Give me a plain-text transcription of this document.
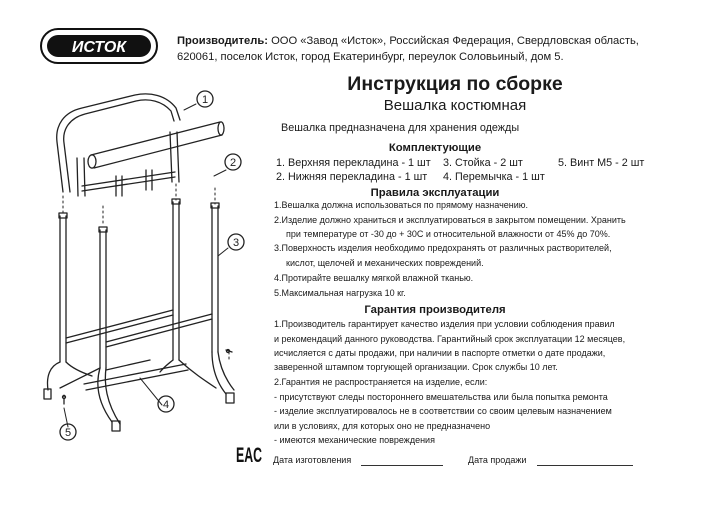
ИСТОК	Производитель: ООО «Завод «Исток», Российская Федерация, Свердловская область,
620061, поселок Исток, город Екатеринбург, переулок Соловьиный, дом 5.
Инструкция по сборке
Вешалка костюмная
Вешалка предназначена для хранения одежды
Комплектующие
1. Верхняя перекладина - 1 шт 3. Стойка - 2 шт	5. Винт М5 - 2 шт
2. Нижняя перекладина - 1 шт 4. Перемычка - 1 шт
Правила эксплуатации
1.Вешалка должна использоваться по прямому назначению.
2.Изделие должно храниться и эксплуатироваться в закрытом помещении. Хранить
при температуре от -30 до + 30С и относительной влажности от 45% до 70%.
3.Поверхность изделия необходимо предохранять от различных растворителей,
кислот, щелочей и механических повреждений.
4.Протирайте вешалку мягкой влажной тканью.
5.Максимальная нагрузка 10 кг.
Гарантия производителя
1.Производитель гарантирует качество изделия при условии соблюдения правил
и рекомендаций данного руководства. Гарантийный срок эксплуатации 12 месяцев,
исчисляется с даты продажи, при наличии в паспорте отметки о дате продажи,
заверенной штампом торгующей организации. Срок службы 10 лет.
2.Гарантия не распространяется на изделие, если:
- присутствуют следы постороннего вмешательства или была попытка ремонта
- изделие эксплуатировалось не в соответствии со своим целевым назначением
или в условиях, для которых оно не предназначено
- имеются механические повреждения
EAC Дата изготовления	Дата продажи
1
2
3
4
5
